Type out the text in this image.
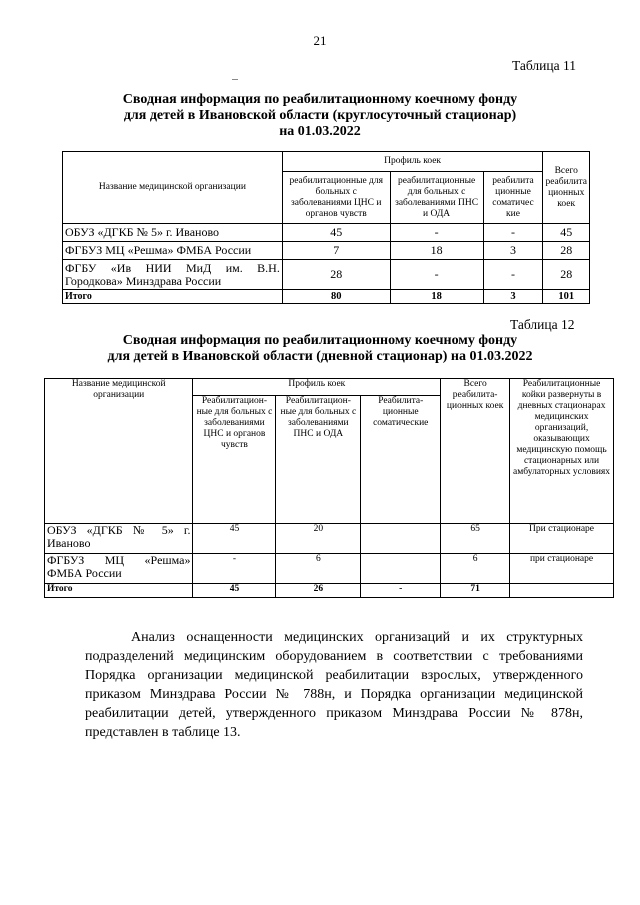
21
Таблица 11
Сводная информация по реабилитационному коечному фонду
для детей в Ивановской области (круглосуточный стационар)
на 01.03.2022
Название медицинской организации	Профиль коек			Всего реабилита ционных коек
	реабилитационные для больных с заболеваниями ЦНС и органов чувств	реабилитационные для больных с заболеваниями ПНС и ОДА	реабилита ционные соматичес кие	
ОБУЗ «ДГКБ № 5» г. Иваново	45	-	-	45
ФГБУЗ МЦ «Решма» ФМБА России	7	18	3	28
ФГБУ «Ив НИИ МиД им. В.Н. Городкова» Минздрава России	28	-	-	28
Итого	80	18	3	101
Таблица 12
Сводная информация по реабилитационному коечному фонду
для детей в Ивановской области (дневной стационар) на 01.03.2022
Название медицинской организации	Профиль коек			Всего реабилита-ционных коек	Реабилитационные койки развернуты в дневных стационарах медицинских организаций, оказывающих медицинскую помощь стационарных или амбулаторных условиях
	Реабилитацион-ные для больных с заболеваниями ЦНС и органов чувств	Реабилитацион-ные для больных с заболеваниями ПНС и ОДА	Реабилита-ционные соматические		
ОБУЗ «ДГКБ № 5» г. Иваново	45	20		65	При стационаре
ФГБУЗ МЦ «Решма» ФМБА России	-	6		6	при стационаре
Итого	45	26	-	71	

Анализ оснащенности медицинских организаций и их структурных подразделений медицинским оборудованием в соответствии с требованиями Порядка организации медицинской реабилитации взрослых, утвержденного приказом Минздрава России № 788н, и Порядка организации медицинской реабилитации детей, утвержденного приказом Минздрава России № 878н, представлен в таблице 13.
